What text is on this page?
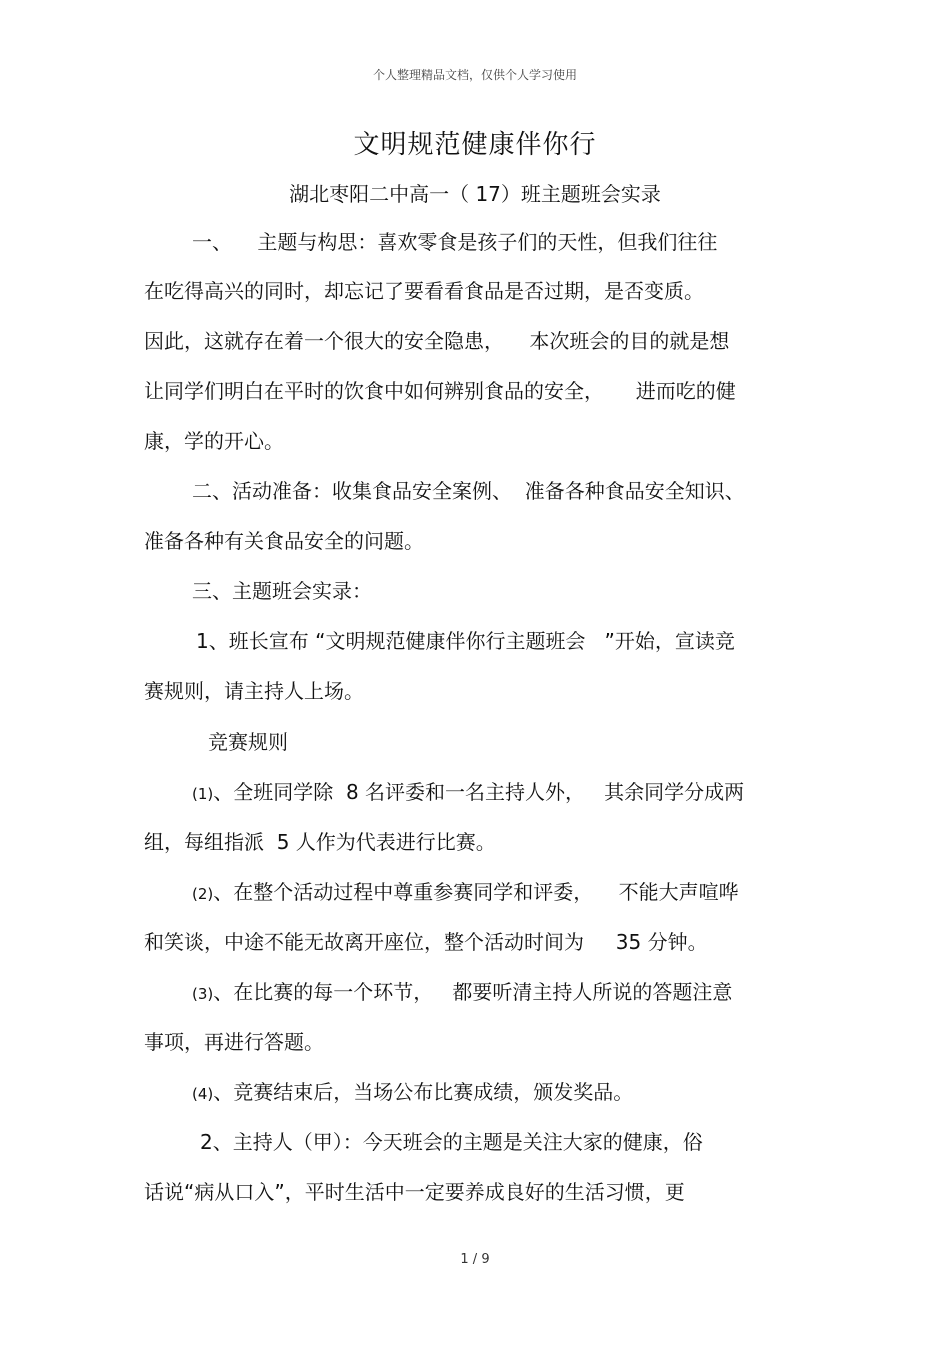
个人整理精品文档，仅供个人学习使用
文明规范健康伴你行
湖北枣阳二中高一（ 17）班主题班会实录
一、    主题与构思：喜欢零食是孩子们的天性，但我们往往
在吃得高兴的同时，却忘记了要看看食品是否过期，是否变质。
因此，这就存在着一个很大的安全隐患，    本次班会的目的就是想
让同学们明白在平时的饮食中如何辨别食品的安全，     进而吃的健
康，学的开心。
二、活动准备：收集食品安全案例、  准备各种食品安全知识、
准备各种有关食品安全的问题。
三、主题班会实录：
1、班长宣布 “文明规范健康伴你行主题班会   ”开始，宣读竞
赛规则，请主持人上场。
竞赛规则
(1)、全班同学除  8 名评委和一名主持人外，   其余同学分成两
组，每组指派  5 人作为代表进行比赛。
(2)、在整个活动过程中尊重参赛同学和评委，    不能大声喧哗
和笑谈，中途不能无故离开座位，整个活动时间为     35 分钟。
(3)、在比赛的每一个环节，   都要听清主持人所说的答题注意
事项，再进行答题。
(4)、竞赛结束后，当场公布比赛成绩，颁发奖品。
2、主持人（甲）：今天班会的主题是关注大家的健康，俗
话说“病从口入”，平时生活中一定要养成良好的生活习惯，更
1 / 9
